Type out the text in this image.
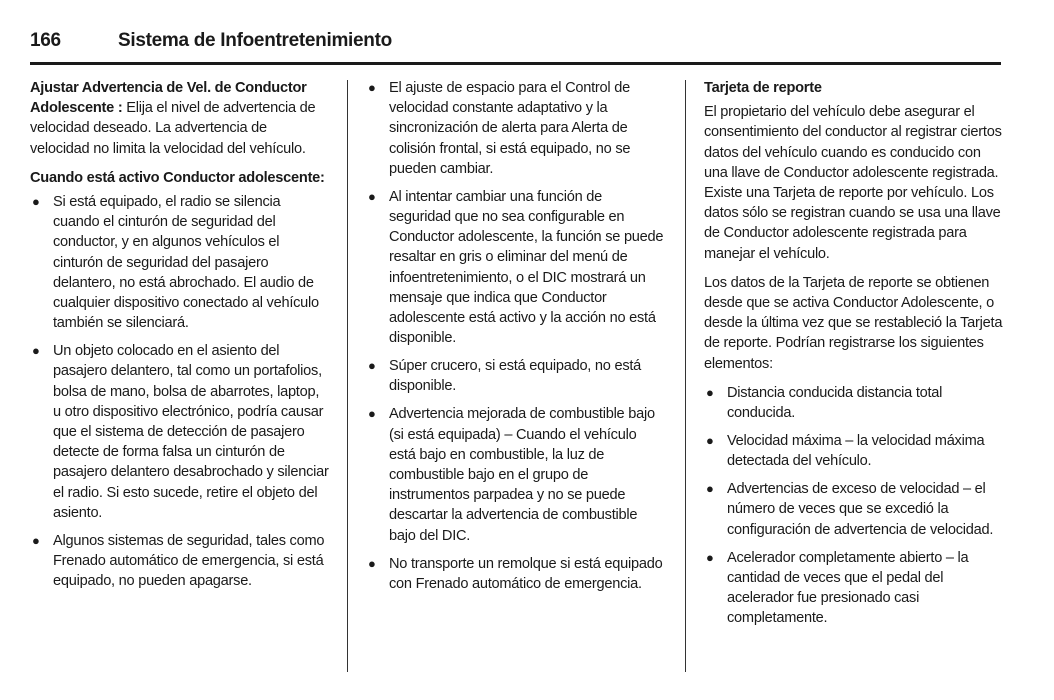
166	Sistema de Infoentretenimiento

Ajustar Advertencia de Vel. de Conductor Adolescente : Elija el nivel de advertencia de velocidad deseado. La advertencia de velocidad no limita la velocidad del vehículo.

Cuando está activo Conductor adolescente:

● Si está equipado, el radio se silencia cuando el cinturón de seguridad del conductor, y en algunos vehículos el cinturón de seguridad del pasajero delantero, no está abrochado. El audio de cualquier dispositivo conectado al vehículo también se silenciará.
● Un objeto colocado en el asiento del pasajero delantero, tal como un portafolios, bolsa de mano, bolsa de abarrotes, laptop, u otro dispositivo electrónico, podría causar que el sistema de detección de pasajero detecte de forma falsa un cinturón de pasajero delantero desabrochado y silenciar el radio. Si esto sucede, retire el objeto del asiento.
● Algunos sistemas de seguridad, tales como Frenado automático de emergencia, si está equipado, no pueden apagarse.
● El ajuste de espacio para el Control de velocidad constante adaptativo y la sincronización de alerta para Alerta de colisión frontal, si está equipado, no se pueden cambiar.
● Al intentar cambiar una función de seguridad que no sea configurable en Conductor adolescente, la función se puede resaltar en gris o eliminar del menú de infoentretenimiento, o el DIC mostrará un mensaje que indica que Conductor adolescente está activo y la acción no está disponible.
● Súper crucero, si está equipado, no está disponible.
● Advertencia mejorada de combustible bajo (si está equipada) – Cuando el vehículo está bajo en combustible, la luz de combustible bajo en el grupo de instrumentos parpadea y no se puede descartar la advertencia de combustible bajo del DIC.
● No transporte un remolque si está equipado con Frenado automático de emergencia.

Tarjeta de reporte

El propietario del vehículo debe asegurar el consentimiento del conductor al registrar ciertos datos del vehículo cuando es conducido con una llave de Conductor adolescente registrada. Existe una Tarjeta de reporte por vehículo. Los datos sólo se registran cuando se usa una llave de Conductor adolescente registrada para manejar el vehículo.

Los datos de la Tarjeta de reporte se obtienen desde que se activa Conductor Adolescente, o desde la última vez que se restableció la Tarjeta de reporte. Podrían registrarse los siguientes elementos:

● Distancia conducida distancia total conducida.
● Velocidad máxima – la velocidad máxima detectada del vehículo.
● Advertencias de exceso de velocidad – el número de veces que se excedió la configuración de advertencia de velocidad.
● Acelerador completamente abierto – la cantidad de veces que el pedal del acelerador fue presionado casi completamente.
